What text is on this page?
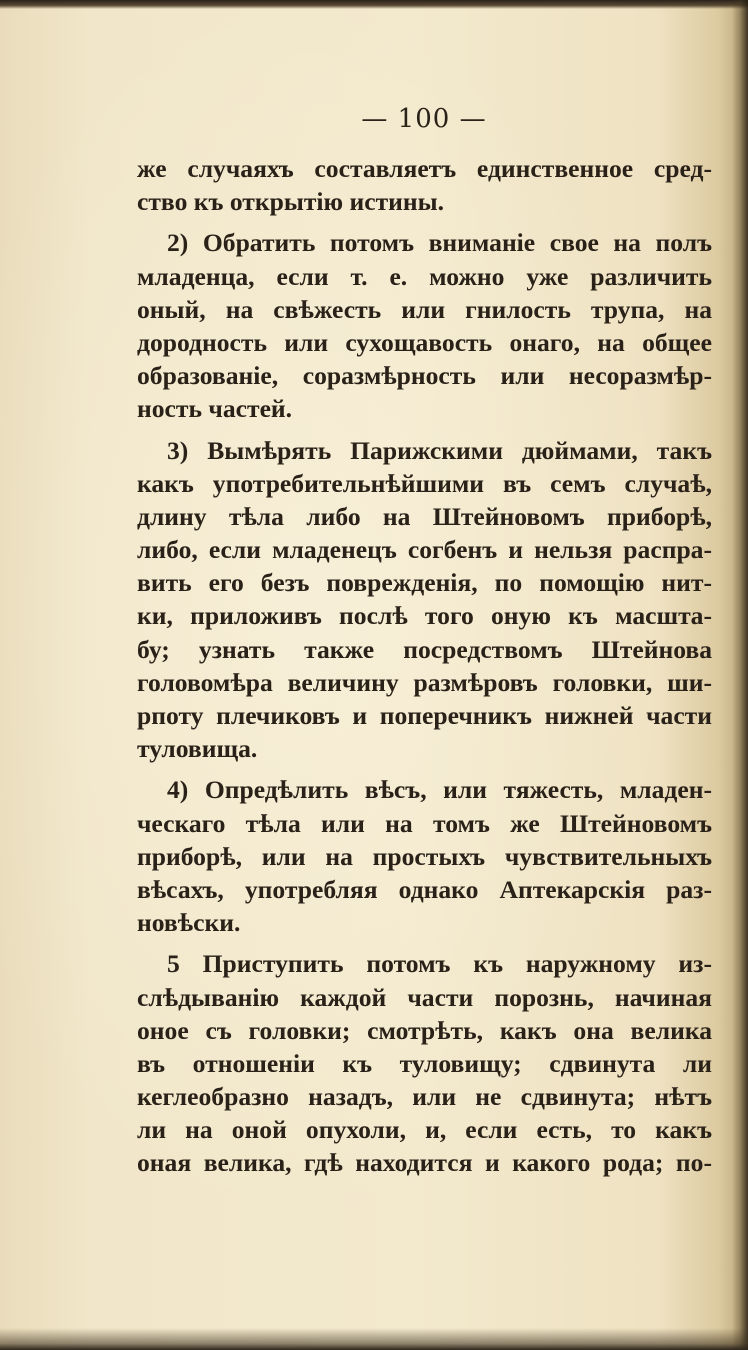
— 100 —
же случаяхъ составляетъ единственное сред-
ство къ открытію истины.
2) Обратить потомъ вниманіе свое на полъ
младенца, если т. е. можно уже различить
оный, на свѣжесть или гнилость трупа, на
дородность или сухощавость онаго, на общее
образованіе, соразмѣрность или несоразмѣр-
ность частей.
3) Вымѣрять Парижскими дюймами, такъ
какъ употребительнѣйшими въ семъ случаѣ,
длину тѣла либо на Штейновомъ приборѣ,
либо, если младенецъ согбенъ и нельзя распра-
вить его безъ поврежденія, по помощію нит-
ки, приложивъ послѣ того оную къ масштa-
бу; узнать также посредствомъ Штейнова
головомѣра величину размѣровъ головки, ши-
рпоту плечиковъ и поперечникъ нижней части
туловища.
4) Опредѣлить вѣсъ, или тяжесть, младен-
ческаго тѣла или на томъ же Штейновомъ
приборѣ, или на простыхъ чувствительныхъ
вѣсахъ, употребляя однако Аптекарскія раз-
новѣски.
5 Приступить потомъ къ наружному из-
слѣдыванію каждой части порознь, начиная
оное съ головки; смотрѣть, какъ она велика
въ отношеніи къ туловищу; сдвинута ли
кеглеобразно назадъ, или не сдвинута; нѣтъ
ли на оной опухоли, и, если есть, то какъ
оная велика, гдѣ находится и какого рода; по-
